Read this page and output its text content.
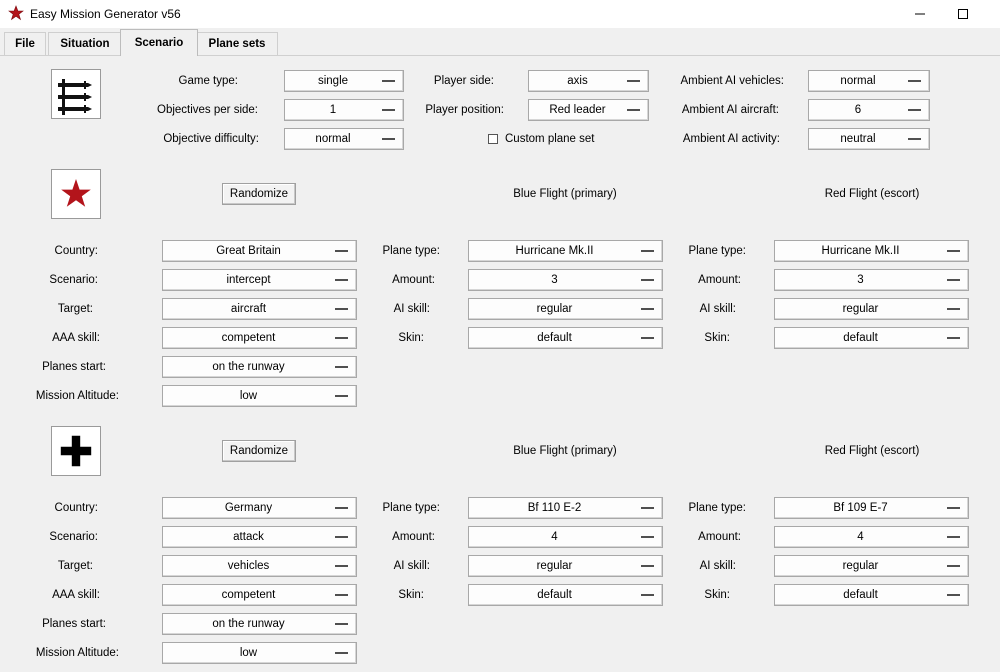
Easy Mission Generator v56
File	Situation	Scenario	Plane sets
Game type:	single
Objectives per side:	1
Objective difficulty:	normal
Player side:	axis
Player position:	Red leader
Custom plane set
Ambient AI vehicles:	normal
Ambient AI aircraft:	6
Ambient AI activity:	neutral
Randomize	Blue Flight (primary)	Red Flight (escort)
Country:	Great Britain
Scenario:	intercept
Target:	aircraft
AAA skill:	competent
Planes start:	on the runway
Mission Altitude:	low
Plane type:	Hurricane Mk.II
Amount:	3
AI skill:	regular
Skin:	default
Plane type:	Hurricane Mk.II
Amount:	3
AI skill:	regular
Skin:	default
Randomize	Blue Flight (primary)	Red Flight (escort)
Country:	Germany
Scenario:	attack
Target:	vehicles
AAA skill:	competent
Planes start:	on the runway
Mission Altitude:	low
Plane type:	Bf 110 E-2
Amount:	4
AI skill:	regular
Skin:	default
Plane type:	Bf 109 E-7
Amount:	4
AI skill:	regular
Skin:	default
